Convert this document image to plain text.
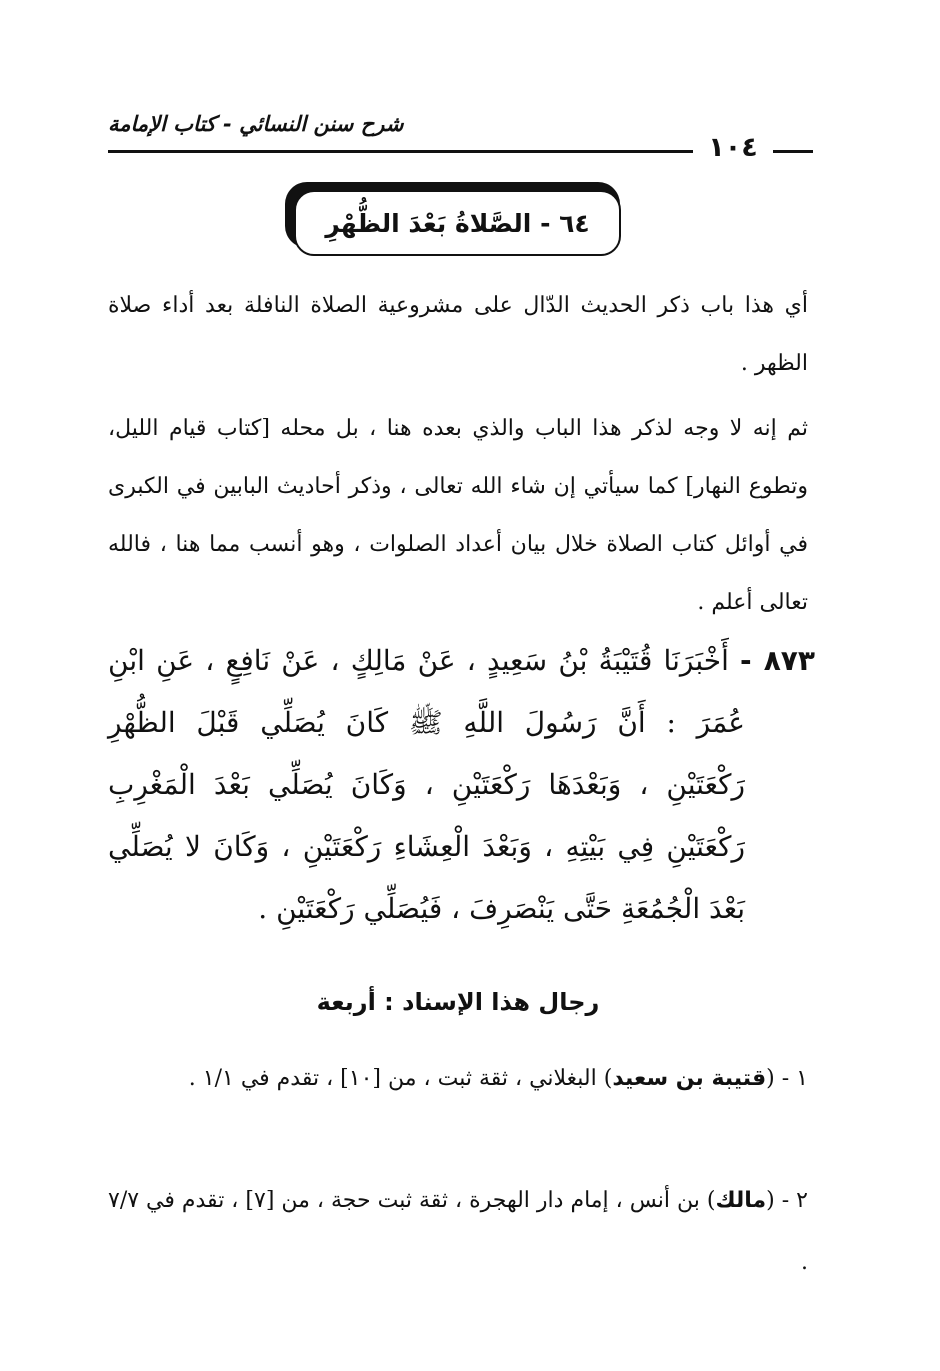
شرح سنن النسائي - كتاب الإمامة
١٠٤
٦٤ - الصَّلاةُ بَعْدَ الظُّهْرِ
أي هذا باب ذكر الحديث الدّال على مشروعية الصلاة النافلة بعد أداء صلاة الظهر .
ثم إنه لا وجه لذكر هذا الباب والذي بعده هنا ، بل محله [كتاب قيام الليل، وتطوع النهار] كما سيأتي إن شاء الله تعالى ، وذكر أحاديث البابين في الكبرى في أوائل كتاب الصلاة خلال بيان أعداد الصلوات ، وهو أنسب مما هنا ، فالله تعالى أعلم .
٨٧٣ - أَخْبَرَنَا قُتَيْبَةُ بْنُ سَعِيدٍ ، عَنْ مَالِكٍ ، عَنْ نَافِعٍ ، عَنِ ابْنِ
عُمَرَ : أَنَّ رَسُولَ اللَّهِ ﷺ كَانَ يُصَلِّي قَبْلَ الظُّهْرِ
رَكْعَتَيْنِ ، وَبَعْدَهَا رَكْعَتَيْنِ ، وَكَانَ يُصَلِّي بَعْدَ الْمَغْرِبِ
رَكْعَتَيْنِ فِي بَيْتِهِ ، وَبَعْدَ الْعِشَاءِ رَكْعَتَيْنِ ، وَكَانَ لا يُصَلِّي
بَعْدَ الْجُمُعَةِ حَتَّى يَنْصَرِفَ ، فَيُصَلِّي رَكْعَتَيْنِ .
رجال هذا الإسناد : أربعة
١ - (قتيبة بن سعيد) البغلاني ، ثقة ثبت ، من [١٠] ، تقدم في ١/١ .
٢ - (مالك) بن أنس ، إمام دار الهجرة ، ثقة ثبت حجة ، من [٧] ، تقدم في ٧/٧ .
